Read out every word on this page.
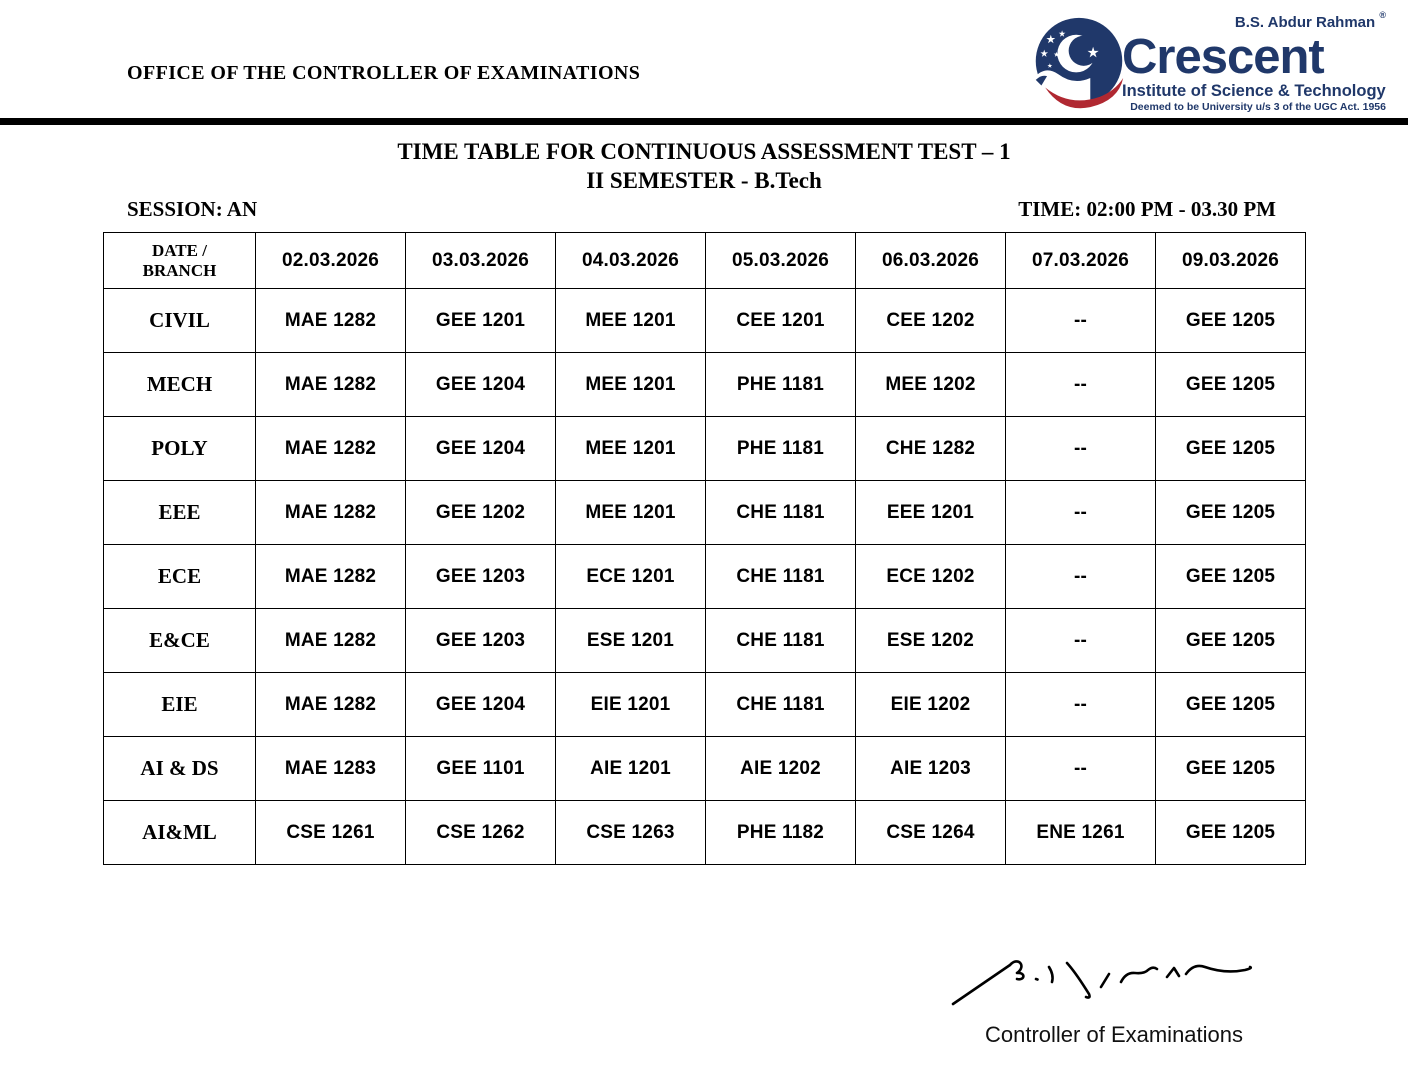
OFFICE OF THE CONTROLLER OF EXAMINATIONS
B.S. Abdur Rahman ®
Crescent
Institute of Science & Technology
Deemed to be University u/s 3 of the UGC Act. 1956
TIME TABLE FOR CONTINUOUS ASSESSMENT TEST – 1
II SEMESTER - B.Tech
SESSION: AN	TIME: 02:00 PM - 03.30 PM
DATE / BRANCH	02.03.2026	03.03.2026	04.03.2026	05.03.2026	06.03.2026	07.03.2026	09.03.2026
CIVIL	MAE 1282	GEE 1201	MEE 1201	CEE 1201	CEE 1202	--	GEE 1205
MECH	MAE 1282	GEE 1204	MEE 1201	PHE 1181	MEE 1202	--	GEE 1205
POLY	MAE 1282	GEE 1204	MEE 1201	PHE 1181	CHE 1282	--	GEE 1205
EEE	MAE 1282	GEE 1202	MEE 1201	CHE 1181	EEE 1201	--	GEE 1205
ECE	MAE 1282	GEE 1203	ECE 1201	CHE 1181	ECE 1202	--	GEE 1205
E&CE	MAE 1282	GEE 1203	ESE 1201	CHE 1181	ESE 1202	--	GEE 1205
EIE	MAE 1282	GEE 1204	EIE 1201	CHE 1181	EIE 1202	--	GEE 1205
AI & DS	MAE 1283	GEE 1101	AIE 1201	AIE 1202	AIE 1203	--	GEE 1205
AI&ML	CSE 1261	CSE 1262	CSE 1263	PHE 1182	CSE 1264	ENE 1261	GEE 1205
Controller of Examinations
